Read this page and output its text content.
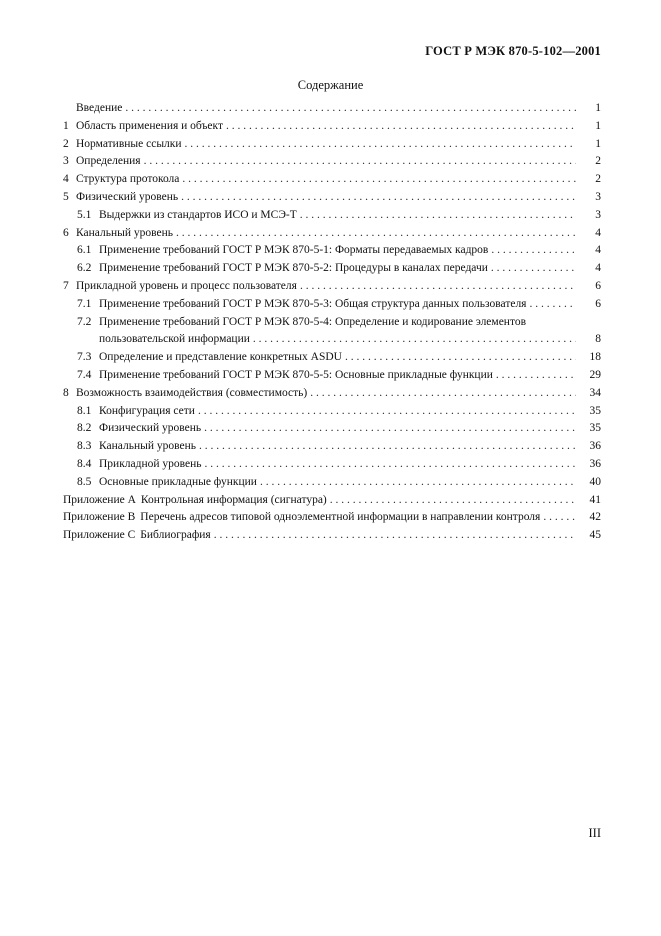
ГОСТ Р МЭК 870-5-102—2001
Содержание
Введение . . .	1
1 Область применения и объект . . .	1
2 Нормативные ссылки . . .	1
3 Определения . . .	2
4 Структура протокола . . .	2
5 Физический уровень . . .	3
5.1 Выдержки из стандартов ИСО и МСЭ-Т . . .	3
6 Канальный уровень . . .	4
6.1 Применение требований ГОСТ Р МЭК 870-5-1: Форматы передаваемых кадров . . .	4
6.2 Применение требований ГОСТ Р МЭК 870-5-2: Процедуры в каналах передачи . . .	4
7 Прикладной уровень и процесс пользователя . . .	6
7.1 Применение требований ГОСТ Р МЭК 870-5-3: Общая структура данных пользователя . . .	6
7.2 Применение требований ГОСТ Р МЭК 870-5-4: Определение и кодирование элементов
пользовательской информации . . .	8
7.3 Определение и представление конкретных ASDU . . .	18
7.4 Применение требований ГОСТ Р МЭК 870-5-5: Основные прикладные функции . . .	29
8 Возможность взаимодействия (совместимость) . . .	34
8.1 Конфигурация сети . . .	35
8.2 Физический уровень . . .	35
8.3 Канальный уровень . . .	36
8.4 Прикладной уровень . . .	36
8.5 Основные прикладные функции . . .	40
Приложение А Контрольная информация (сигнатура) . . .	41
Приложение В Перечень адресов типовой одноэлементной информации в направлении контроля . . .	42
Приложение С Библиография . . .	45
III
